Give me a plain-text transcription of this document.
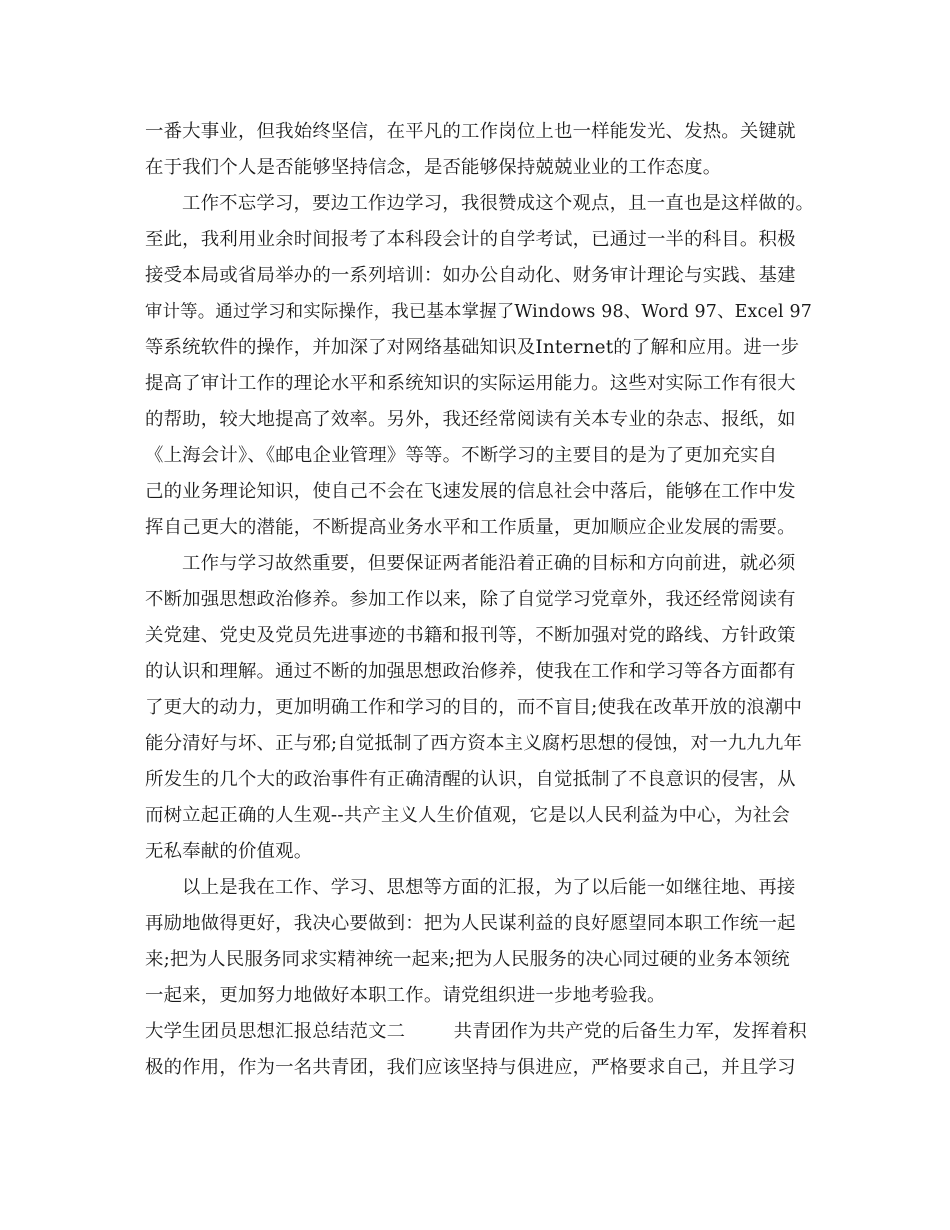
一番大事业，但我始终坚信，在平凡的工作岗位上也一样能发光、发热。关键就
在于我们个人是否能够坚持信念，是否能够保持兢兢业业的工作态度。
工作不忘学习，要边工作边学习，我很赞成这个观点，且一直也是这样做的。
至此，我利用业余时间报考了本科段会计的自学考试，已通过一半的科目。积极
接受本局或省局举办的一系列培训：如办公自动化、财务审计理论与实践、基建
审计等。通过学习和实际操作，我已基本掌握了Windows 98、Word 97、Excel 97
等系统软件的操作，并加深了对网络基础知识及Internet的了解和应用。进一步
提高了审计工作的理论水平和系统知识的实际运用能力。这些对实际工作有很大
的帮助，较大地提高了效率。另外，我还经常阅读有关本专业的杂志、报纸，如
《上海会计》、《邮电企业管理》等等。不断学习的主要目的是为了更加充实自
己的业务理论知识，使自己不会在飞速发展的信息社会中落后，能够在工作中发
挥自己更大的潜能，不断提高业务水平和工作质量，更加顺应企业发展的需要。
工作与学习故然重要，但要保证两者能沿着正确的目标和方向前进，就必须
不断加强思想政治修养。参加工作以来，除了自觉学习党章外，我还经常阅读有
关党建、党史及党员先进事迹的书籍和报刊等，不断加强对党的路线、方针政策
的认识和理解。通过不断的加强思想政治修养，使我在工作和学习等各方面都有
了更大的动力，更加明确工作和学习的目的，而不盲目;使我在改革开放的浪潮中
能分清好与坏、正与邪;自觉抵制了西方资本主义腐朽思想的侵蚀，对一九九九年
所发生的几个大的政治事件有正确清醒的认识，自觉抵制了不良意识的侵害，从
而树立起正确的人生观--共产主义人生价值观，它是以人民利益为中心，为社会
无私奉献的价值观。
以上是我在工作、学习、思想等方面的汇报，为了以后能一如继往地、再接
再励地做得更好，我决心要做到：把为人民谋利益的良好愿望同本职工作统一起
来;把为人民服务同求实精神统一起来;把为人民服务的决心同过硬的业务本领统
一起来，更加努力地做好本职工作。请党组织进一步地考验我。
大学生团员思想汇报总结范文二        共青团作为共产党的后备生力军，发挥着积
极的作用，作为一名共青团，我们应该坚持与俱进应，严格要求自己，并且学习
